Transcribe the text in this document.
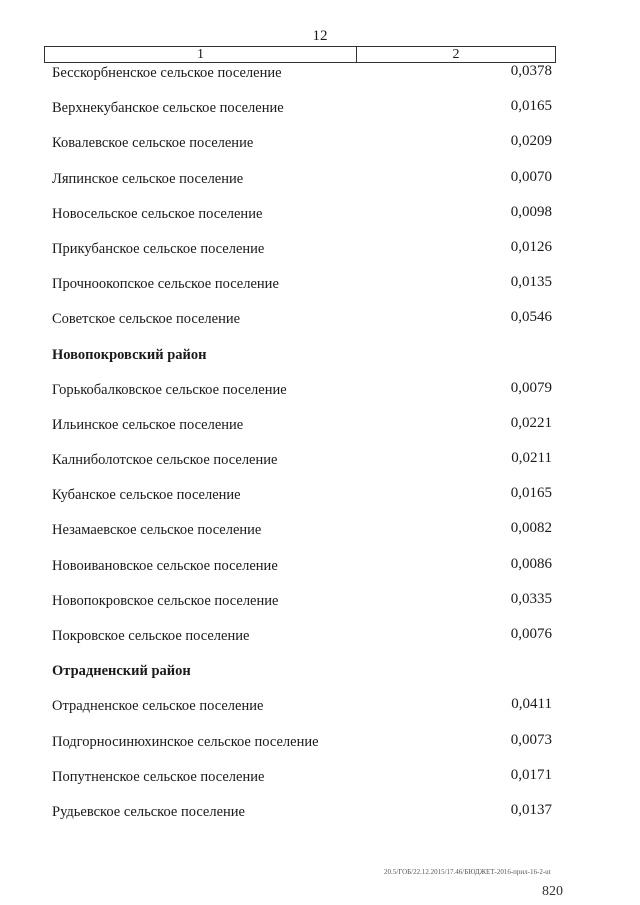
12
1	2
Бесскорбненское сельское поселение	0,0378
Верхнекубанское сельское поселение	0,0165
Ковалевское сельское поселение	0,0209
Ляпинское сельское поселение	0,0070
Новосельское сельское поселение	0,0098
Прикубанское сельское поселение	0,0126
Прочноокопское сельское поселение	0,0135
Советское сельское поселение	0,0546
Новопокровский район
Горькобалковское сельское поселение	0,0079
Ильинское сельское поселение	0,0221
Калниболотское сельское поселение	0,0211
Кубанское сельское поселение	0,0165
Незамаевское сельское поселение	0,0082
Новоивановское сельское поселение	0,0086
Новопокровское сельское поселение	0,0335
Покровское сельское поселение	0,0076
Отрадненский район
Отрадненское сельское поселение	0,0411
Подгорносинюхинское сельское поселение	0,0073
Попутненское сельское поселение	0,0171
Рудьевское сельское поселение	0,0137
20.5/ГОБ/22.12.2015/17.46/БЮДЖЕТ-2016-прил-16-2-ut
820
